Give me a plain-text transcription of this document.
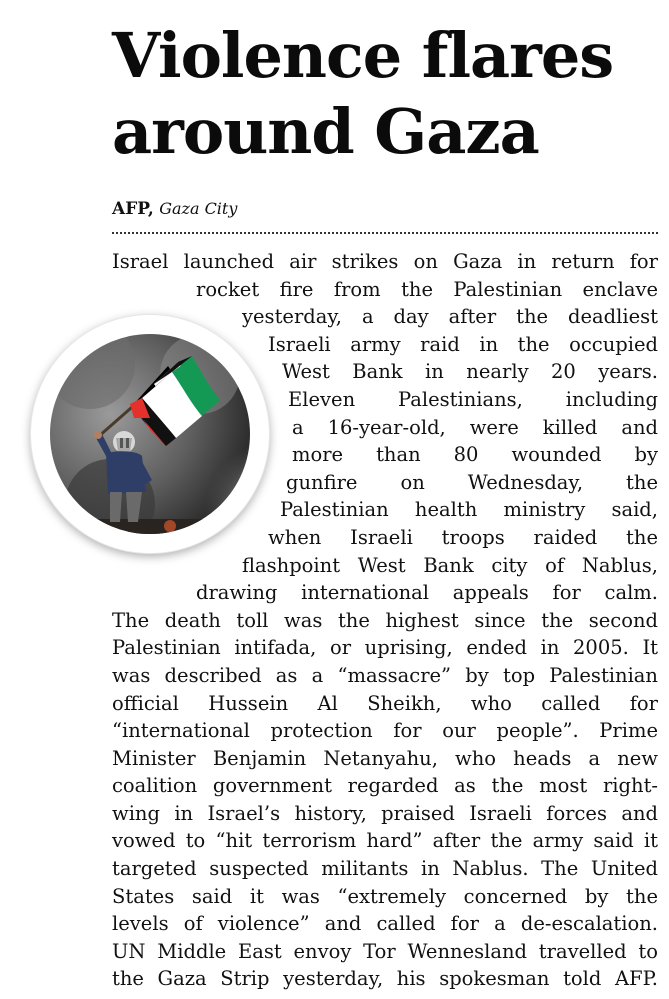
Violence flares
around Gaza
AFP, Gaza City
Israel launched air strikes on Gaza in return for
rocket fire from the Palestinian enclave
yesterday, a day after the deadliest
Israeli army raid in the occupied
West Bank in nearly 20 years.
Eleven Palestinians, including
a 16-year-old, were killed and
more than 80 wounded by
gunfire on Wednesday, the
Palestinian health ministry said,
when Israeli troops raided the
flashpoint West Bank city of Nablus,
drawing international appeals for calm.
The death toll was the highest since the second
Palestinian intifada, or uprising, ended in 2005. It
was described as a “massacre” by top Palestinian
official Hussein Al Sheikh, who called for
“international protection for our people”. Prime
Minister Benjamin Netanyahu, who heads a new
coalition government regarded as the most right-
wing in Israel’s history, praised Israeli forces and
vowed to “hit terrorism hard” after the army said it
targeted suspected militants in Nablus. The United
States said it was “extremely concerned by the
levels of violence” and called for a de-escalation.
UN Middle East envoy Tor Wennesland travelled to
the Gaza Strip yesterday, his spokesman told AFP.
